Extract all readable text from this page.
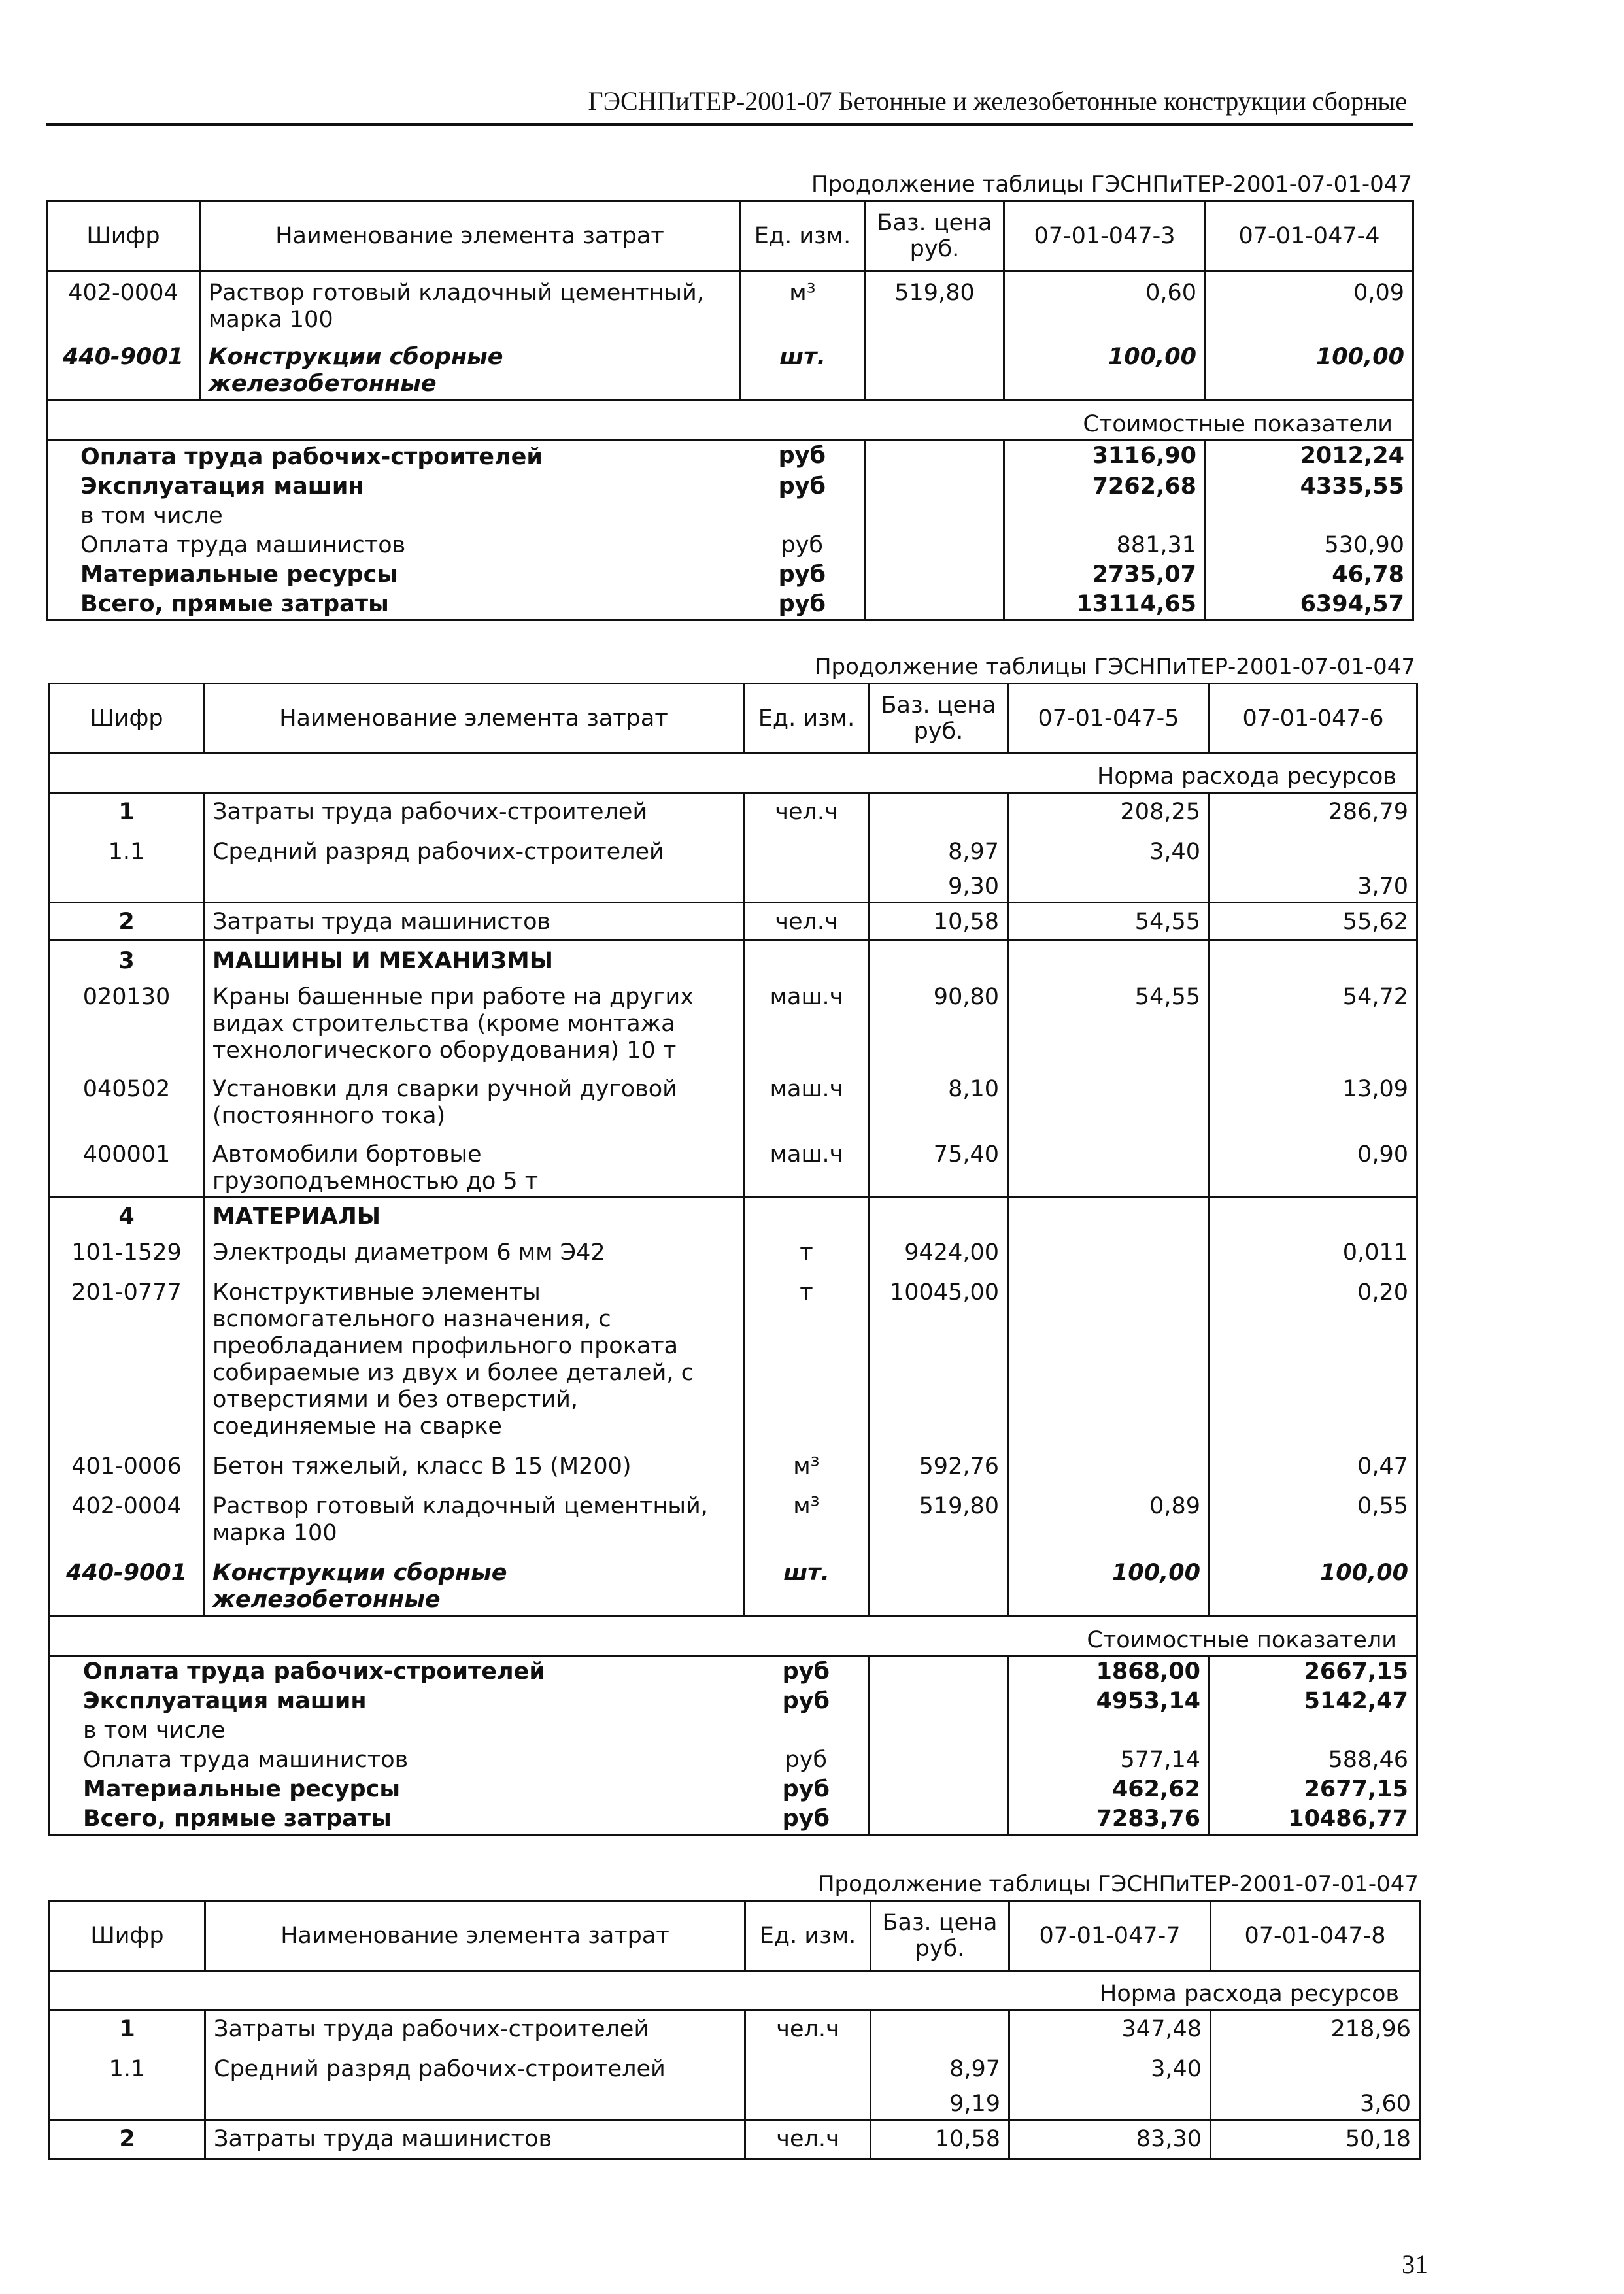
ГЭСНПиТЕР-2001-07 Бетонные и железобетонные конструкции сборные
Продолжение таблицы ГЭСНПиТЕР-2001-07-01-047
Шифр	Наименование элемента затрат	Ед. изм.	Баз. цена руб.	07-01-047-3	07-01-047-4
402-0004	Раствор готовый кладочный цементный, марка 100	м³	519,80	0,60	0,09
440-9001	Конструкции сборные железобетонные	шт.		100,00	100,00
Стоимостные показатели					
Оплата труда рабочих-строителей		руб		3116,90	2012,24
Эксплуатация машин		руб		7262,68	4335,55
в том числе					
Оплата труда машинистов		руб		881,31	530,90
Материальные ресурсы		руб		2735,07	46,78
Всего, прямые затраты		руб		13114,65	6394,57
Продолжение таблицы ГЭСНПиТЕР-2001-07-01-047
Шифр	Наименование элемента затрат	Ед. изм.	Баз. цена руб.	07-01-047-5	07-01-047-6
Норма расхода ресурсов					
1	Затраты труда рабочих-строителей	чел.ч		208,25	286,79
1.1	Средний разряд рабочих-строителей		8,97	3,40	
			9,30		3,70
2	Затраты труда машинистов	чел.ч	10,58	54,55	55,62
3	МАШИНЫ И МЕХАНИЗМЫ				
020130	Краны башенные при работе на других видах строительства (кроме монтажа технологического оборудования) 10 т	маш.ч	90,80	54,55	54,72
040502	Установки для сварки ручной дуговой (постоянного тока)	маш.ч	8,10		13,09
400001	Автомобили бортовые грузоподъемностью до 5 т	маш.ч	75,40		0,90
4	МАТЕРИАЛЫ				
101-1529	Электроды диаметром 6 мм Э42	т	9424,00		0,011
201-0777	Конструктивные элементы вспомогательного назначения, с преобладанием профильного проката собираемые из двух и более деталей, с отверстиями и без отверстий, соединяемые на сварке	т	10045,00		0,20
401-0006	Бетон тяжелый, класс В 15 (М200)	м³	592,76		0,47
402-0004	Раствор готовый кладочный цементный, марка 100	м³	519,80	0,89	0,55
440-9001	Конструкции сборные железобетонные	шт.		100,00	100,00
Стоимостные показатели					
Оплата труда рабочих-строителей		руб		1868,00	2667,15
Эксплуатация машин		руб		4953,14	5142,47
в том числе					
Оплата труда машинистов		руб		577,14	588,46
Материальные ресурсы		руб		462,62	2677,15
Всего, прямые затраты		руб		7283,76	10486,77
Продолжение таблицы ГЭСНПиТЕР-2001-07-01-047
Шифр	Наименование элемента затрат	Ед. изм.	Баз. цена руб.	07-01-047-7	07-01-047-8
Норма расхода ресурсов					
1	Затраты труда рабочих-строителей	чел.ч		347,48	218,96
1.1	Средний разряд рабочих-строителей		8,97	3,40	
			9,19		3,60
2	Затраты труда машинистов	чел.ч	10,58	83,30	50,18
31
